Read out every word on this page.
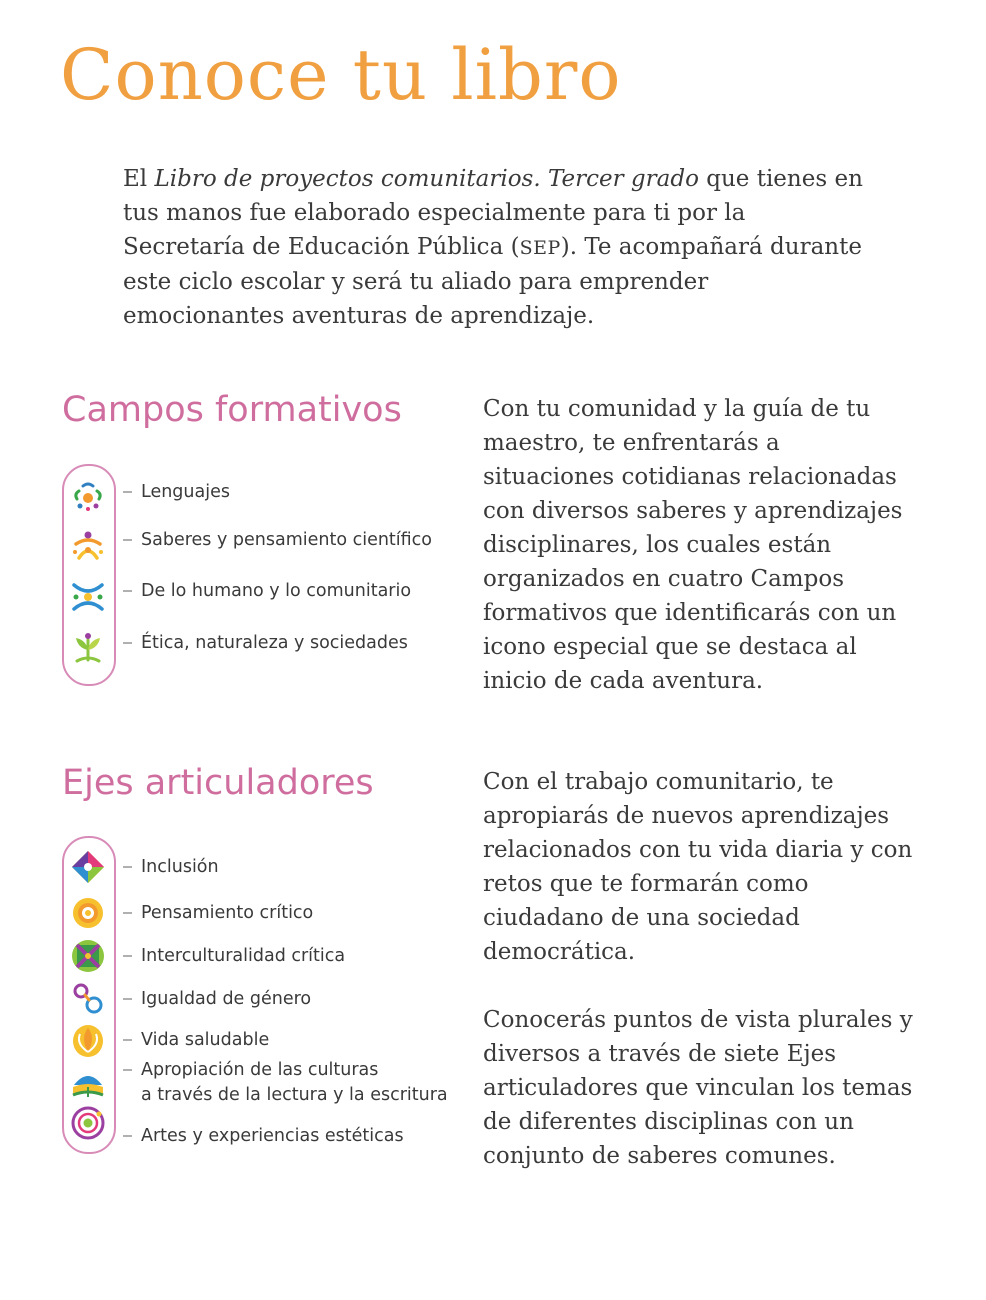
Conoce tu libro

El Libro de proyectos comunitarios. Tercer grado que tienes en tus manos fue elaborado especialmente para ti por la Secretaría de Educación Pública (SEP). Te acompañará durante este ciclo escolar y será tu aliado para emprender emocionantes aventuras de aprendizaje.

Campos formativos
Lenguajes
Saberes y pensamiento científico
De lo humano y lo comunitario
Ética, naturaleza y sociedades

Con tu comunidad y la guía de tu maestro, te enfrentarás a situaciones cotidianas relacionadas con diversos saberes y aprendizajes disciplinares, los cuales están organizados en cuatro Campos formativos que identificarás con un icono especial que se destaca al inicio de cada aventura.

Ejes articuladores
Inclusión
Pensamiento crítico
Interculturalidad crítica
Igualdad de género
Vida saludable
Apropiación de las culturas
a través de la lectura y la escritura
Artes y experiencias estéticas

Con el trabajo comunitario, te apropiarás de nuevos aprendizajes relacionados con tu vida diaria y con retos que te formarán como ciudadano de una sociedad democrática.

Conocerás puntos de vista plurales y diversos a través de siete Ejes articuladores que vinculan los temas de diferentes disciplinas con un conjunto de saberes comunes.
